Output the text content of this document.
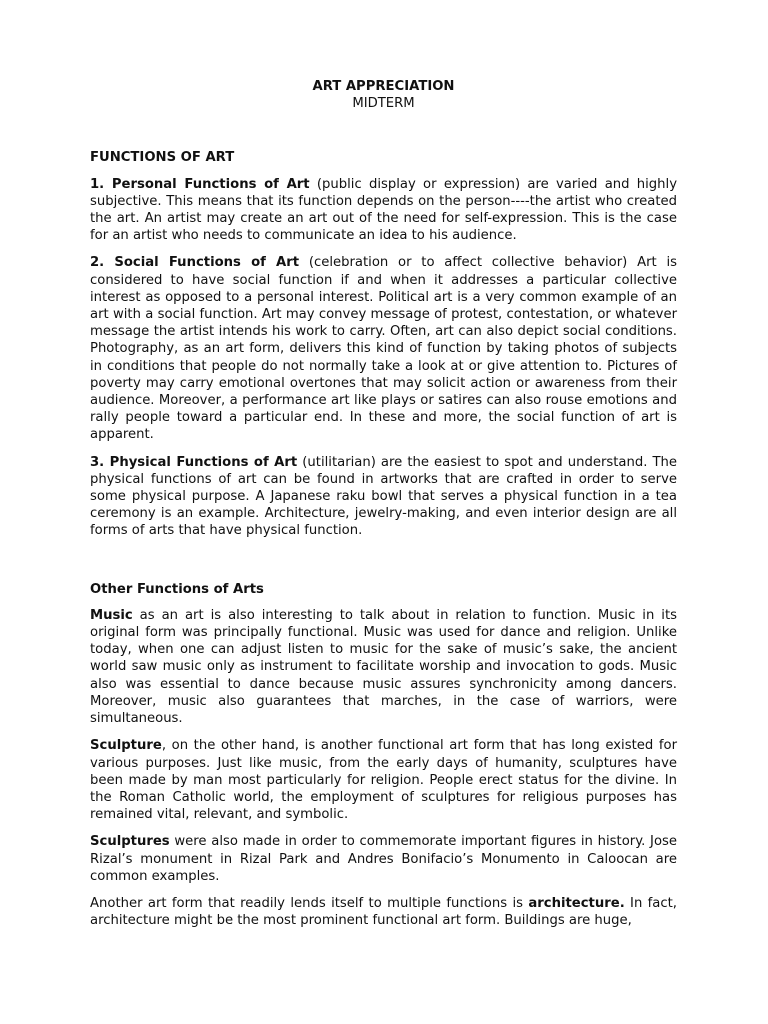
ART APPRECIATION

MIDTERM

FUNCTIONS OF ART

1. Personal Functions of Art (public display or expression) are varied and highly subjective. This means that its function depends on the person----the artist who created the art. An artist may create an art out of the need for self-expression. This is the case for an artist who needs to communicate an idea to his audience.

2. Social Functions of Art (celebration or to affect collective behavior) Art is considered to have social function if and when it addresses a particular collective interest as opposed to a personal interest. Political art is a very common example of an art with a social function. Art may convey message of protest, contestation, or whatever message the artist intends his work to carry. Often, art can also depict social conditions. Photography, as an art form, delivers this kind of function by taking photos of subjects in conditions that people do not normally take a look at or give attention to. Pictures of poverty may carry emotional overtones that may solicit action or awareness from their audience. Moreover, a performance art like plays or satires can also rouse emotions and rally people toward a particular end. In these and more, the social function of art is apparent.

3. Physical Functions of Art (utilitarian) are the easiest to spot and understand. The physical functions of art can be found in artworks that are crafted in order to serve some physical purpose. A Japanese raku bowl that serves a physical function in a tea ceremony is an example. Architecture, jewelry-making, and even interior design are all forms of arts that have physical function.

Other Functions of Arts

Music as an art is also interesting to talk about in relation to function. Music in its original form was principally functional. Music was used for dance and religion. Unlike today, when one can adjust listen to music for the sake of music’s sake, the ancient world saw music only as instrument to facilitate worship and invocation to gods. Music also was essential to dance because music assures synchronicity among dancers. Moreover, music also guarantees that marches, in the case of warriors, were simultaneous.

Sculpture, on the other hand, is another functional art form that has long existed for various purposes. Just like music, from the early days of humanity, sculptures have been made by man most particularly for religion. People erect status for the divine. In the Roman Catholic world, the employment of sculptures for religious purposes has remained vital, relevant, and symbolic.

Sculptures were also made in order to commemorate important figures in history. Jose Rizal’s monument in Rizal Park and Andres Bonifacio’s Monumento in Caloocan are common examples.

Another art form that readily lends itself to multiple functions is architecture. In fact, architecture might be the most prominent functional art form. Buildings are huge,
